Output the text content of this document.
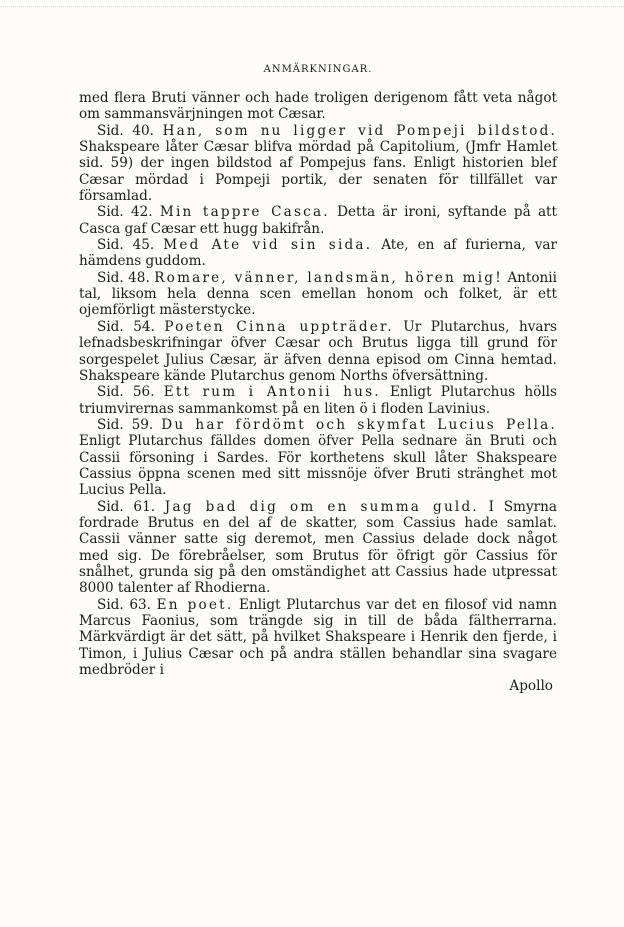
ANMÄRKNINGAR.

med flera Bruti vänner och hade troligen derigenom fått veta något om sammansvärjningen mot Cæsar.

Sid. 40. Han, som nu ligger vid Pompeji bildstod. Shakspeare låter Cæsar blifva mördad på Capitolium, (Jmfr Hamlet sid. 59) der ingen bildstod af Pompejus fans. Enligt historien blef Cæsar mördad i Pompeji portik, der senaten för tillfället var församlad.

Sid. 42. Min tappre Casca. Detta är ironi, syftande på att Casca gaf Cæsar ett hugg bakifrån.

Sid. 45. Med Ate vid sin sida. Ate, en af furierna, var hämdens guddom.

Sid. 48. Romare, vänner, landsmän, hören mig! Antonii tal, liksom hela denna scen emellan honom och folket, är ett ojemförligt mästerstycke.

Sid. 54. Poeten Cinna uppträder. Ur Plutarchus, hvars lefnadsbeskrifningar öfver Cæsar och Brutus ligga till grund för sorgespelet Julius Cæsar, är äfven denna episod om Cinna hemtad. Shakspeare kände Plutarchus genom Norths öfversättning.

Sid. 56. Ett rum i Antonii hus. Enligt Plutarchus hölls triumvirernas sammankomst på en liten ö i floden Lavinius.

Sid. 59. Du har fördömt och skymfat Lucius Pella. Enligt Plutarchus fälldes domen öfver Pella sednare än Bruti och Cassii försoning i Sardes. För korthetens skull låter Shakspeare Cassius öppna scenen med sitt missnöje öfver Bruti stränghet mot Lucius Pella.

Sid. 61. Jag bad dig om en summa guld. I Smyrna fordrade Brutus en del af de skatter, som Cassius hade samlat. Cassii vänner satte sig deremot, men Cassius delade dock något med sig. De förebråelser, som Brutus för öfrigt gör Cassius för snålhet, grunda sig på den omständighet att Cassius hade utpressat 8000 talenter af Rhodierna.

Sid. 63. En poet. Enligt Plutarchus var det en filosof vid namn Marcus Faonius, som trängde sig in till de båda fältherrarna. Märkvärdigt är det sätt, på hvilket Shakspeare i Henrik den fjerde, i Timon, i Julius Cæsar och på andra ställen behandlar sina svagare medbröder i

Apollo
